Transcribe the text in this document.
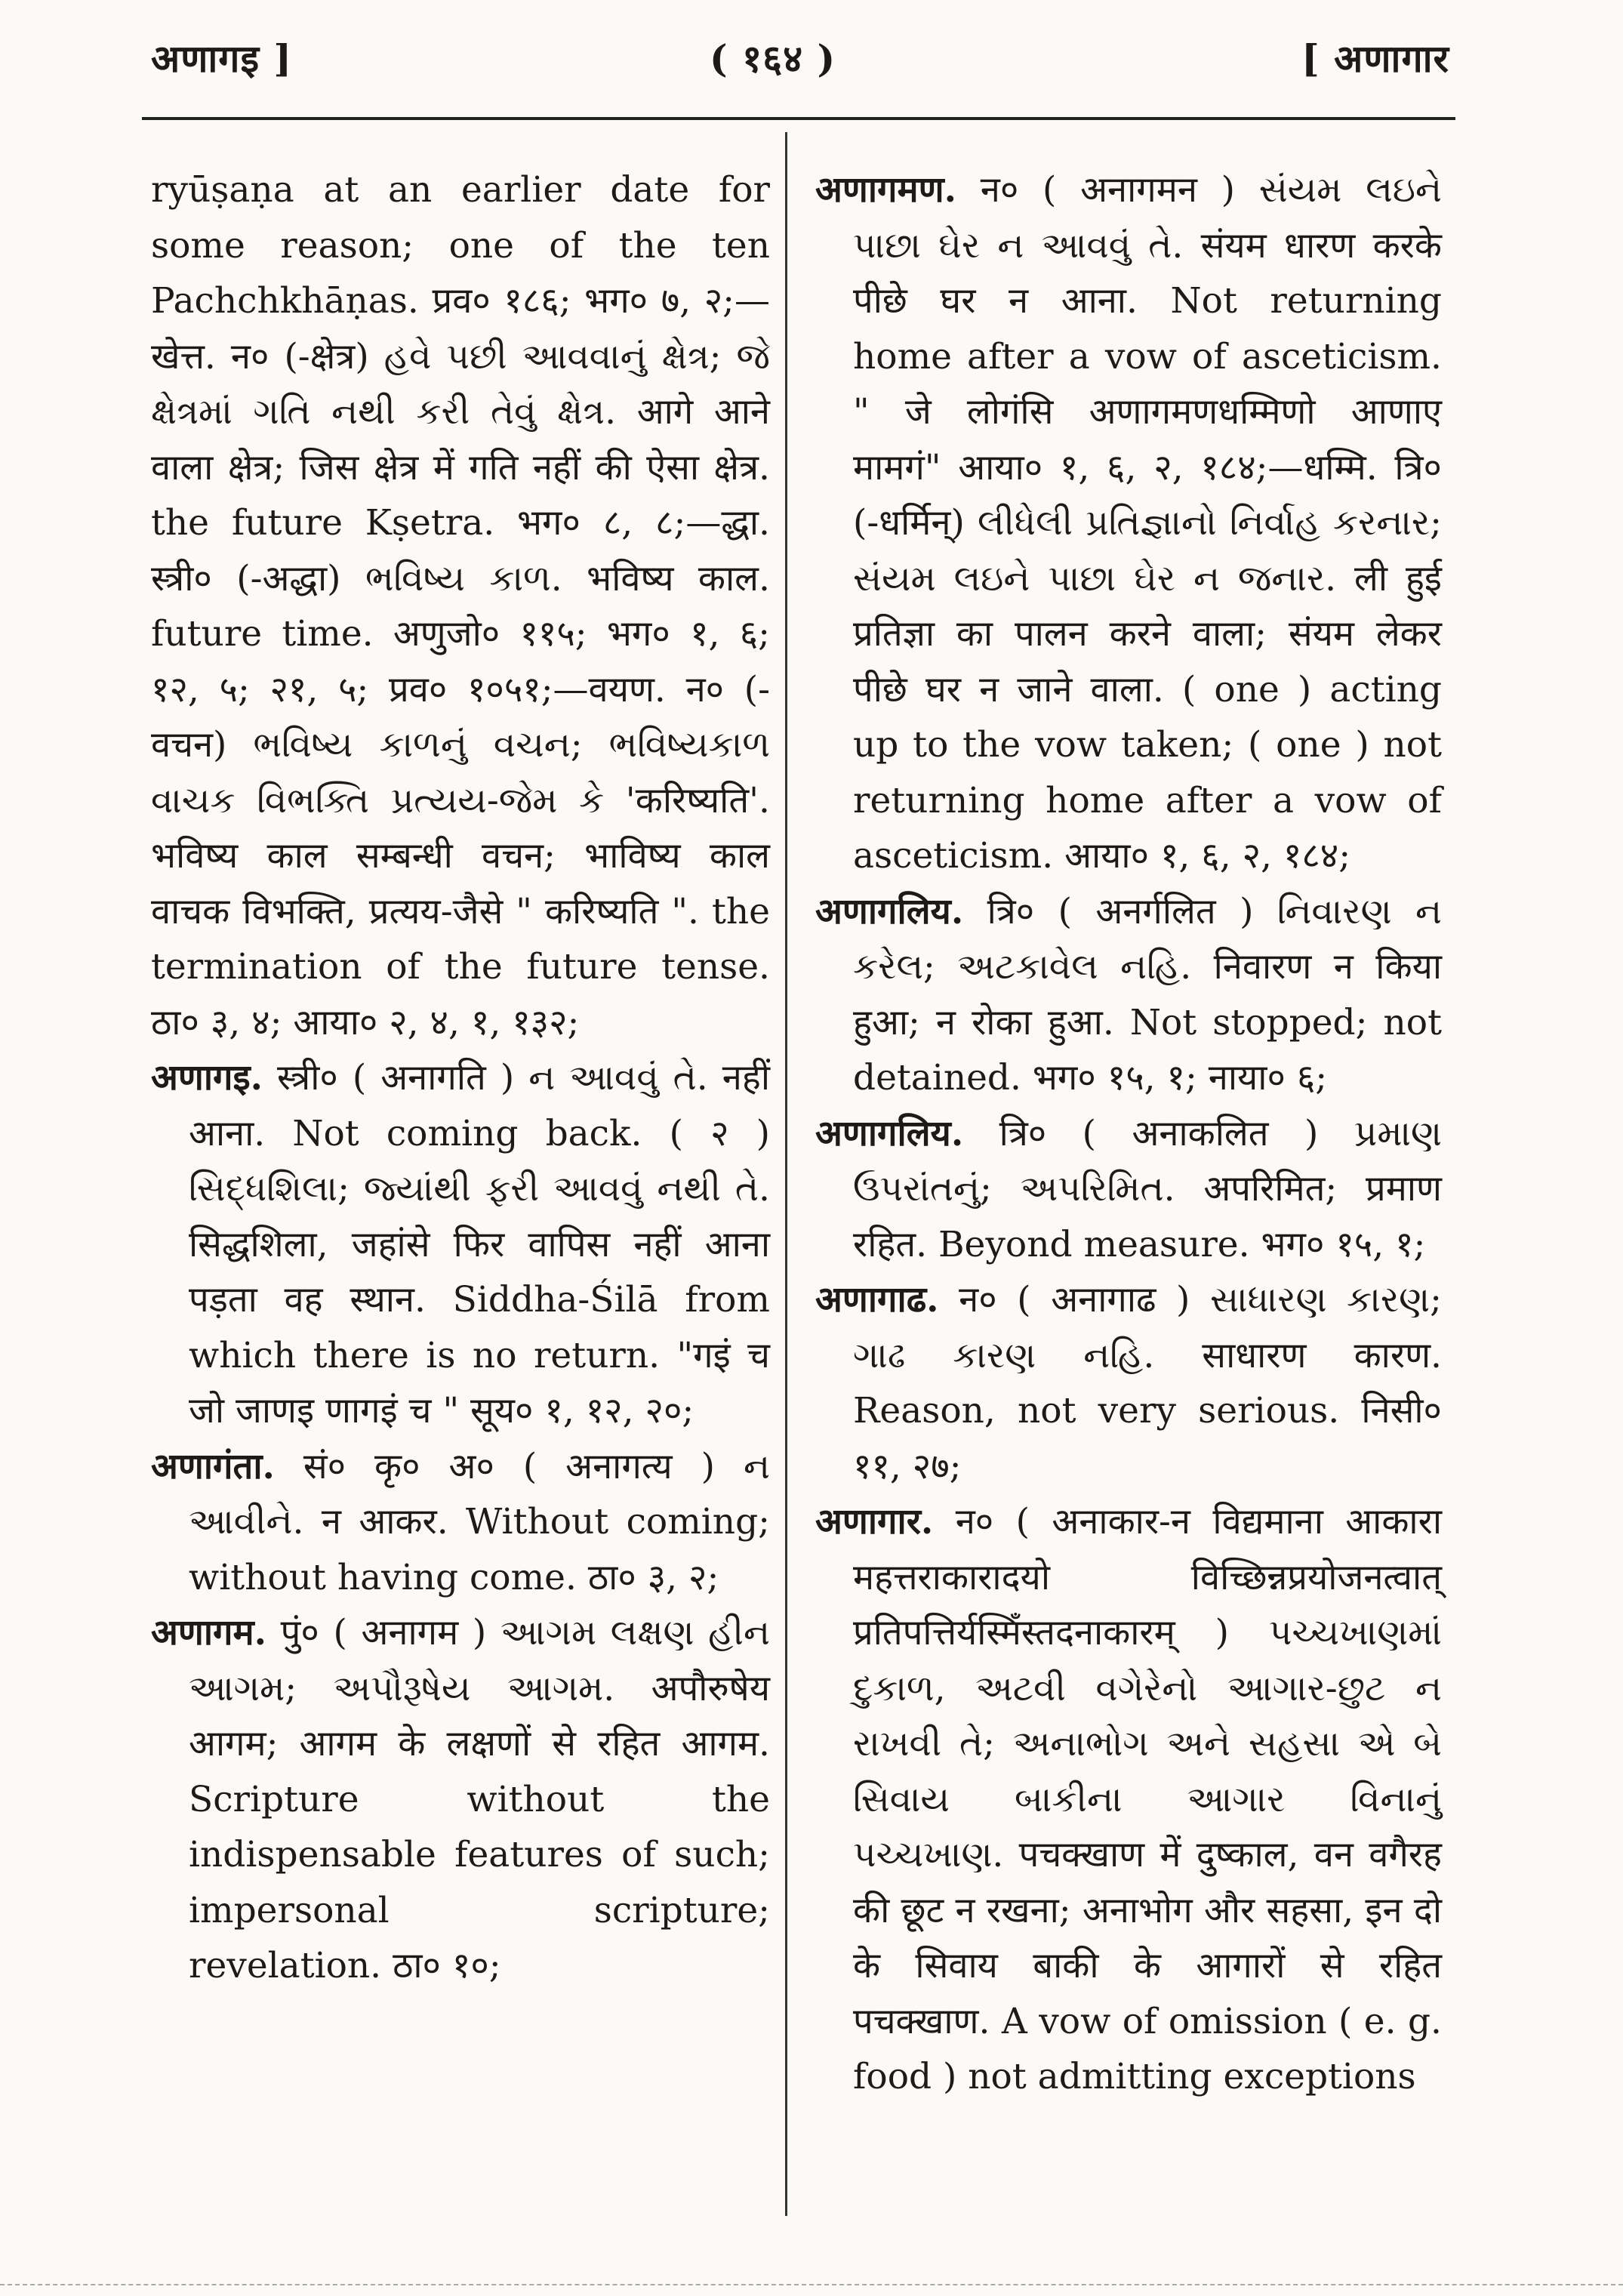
अणागइ ]	( १६४ )	[ अणागार

ryūṣaṇa at an earlier date for some reason; one of the ten Pachchkhāṇas. प्रव० १८६; भग० ७, २;—खेत्त. न० (-क्षेत्र) હવે પછી આવવાનું ક્ષેત્ર; જે ક્ષેત્રમાં ગતિ નથી કરી તેવું ક્ષેત્ર. आगे आने वाला क्षेत्र; जिस क्षेत्र में गति नहीं की ऐसा क्षेत्र. the future Kṣetra. भग० ८, ८;—द्धा. स्त्री० (-अद्धा) ભવિષ્ય કાળ. भविष्य काल. future time. अणुजो० ११५; भग० १, ६; १२, ५; २१, ५; प्रव० १०५१;—वयण. न० (-वचन) ભવિષ્ય કાળનું વચન; ભવિષ્યકાળ વાચક વિભક્તિ પ્રત્યય-જેમ કે 'करिष्यति'. भविष्य काल सम्बन्धी वचन; भाविष्य काल वाचक विभक्ति, प्रत्यय-जैसे " करिष्यति ". the termination of the future tense. ठा० ३, ४; आया० २, ४, १, १३२;

अणागइ. स्त्री० ( अनागति ) ન આવવું તે. नहीं आना. Not coming back. ( २ ) સિદ્ધશિલા; જ્યાંથી ફરી આવવું નથી તે. सिद्धशिला, जहांसे फिर वापिस नहीं आना पड़ता वह स्थान. Siddha-Śilā from which there is no return. "गइं च जो जाणइ णागइं च " सूय० १, १२, २०;

अणागंता. सं० कृ० अ० ( अनागत्य ) ન આવીને. न आकर. Without coming; without having come. ठा० ३, २;

अणागम. पुं० ( अनागम ) આગમ લક્ષણ હીન આગમ; અપૌરૂષેય આગમ. अपौरुषेय आगम; आगम के लक्षणों से रहित आगम. Scripture without the indispensable features of such; impersonal scripture; revelation. ठा० १०;

अणागमण. न० ( अनागमन ) સંયમ લઇને પાછા ઘેર ન આવવું તે. संयम धारण करके पीछे घर न आना. Not returning home after a vow of asceticism. " जे लोगंसि अणागमणधम्मिणो आणाए मामगं" आया० १, ६, २, १८४;—धम्मि. त्रि० (-धर्मिन्) લીધેલી પ્રતિજ્ઞાનો નિર્વાહ કરનાર; સંયમ લઇને પાછા ઘેર ન જનાર. ली हुई प्रतिज्ञा का पालन करने वाला; संयम लेकर पीछे घर न जाने वाला. ( one ) acting up to the vow taken; ( one ) not returning home after a vow of asceticism. आया० १, ६, २, १८४;

अणागलिय. त्रि० ( अनर्गलित ) નિવારણ ન કરેલ; અટકાવેલ નહિ. निवारण न किया हुआ; न रोका हुआ. Not stopped; not detained. भग० १५, १; नाया० ६;

अणागलिय. त्रि० ( अनाकलित ) પ્રમાણ ઉપરાંતનું; અપરિમિત. अपरिमित; प्रमाण रहित. Beyond measure. भग० १५, १;

अणागाढ. न० ( अनागाढ ) સાધારણ કારણ; ગાઢ કારણ નહિ. साधारण कारण. Reason, not very serious. निसी० ११, २७;

अणागार. न० ( अनाकार-न विद्यमाना आकारा महत्तराकारादयो विच्छिन्नप्रयोजनत्वात् प्रतिपत्तिर्यस्मिँस्तदनाकारम् ) પચ્ચખાણમાં દુકાળ, અટવી વગેરેનો આગાર-છુટ ન રાખવી તે; અનાભોગ અને સહસા એ બે સિવાય બાકીના આગાર વિનાનું પચ્ચખાણ. पचक्खाण में दुष्काल, वन वगैरह की छूट न रखना; अनाभोग और सहसा, इन दो के सिवाय बाकी के आगारों से रहित पचक्खाण. A vow of omission ( e. g. food ) not admitting exceptions
